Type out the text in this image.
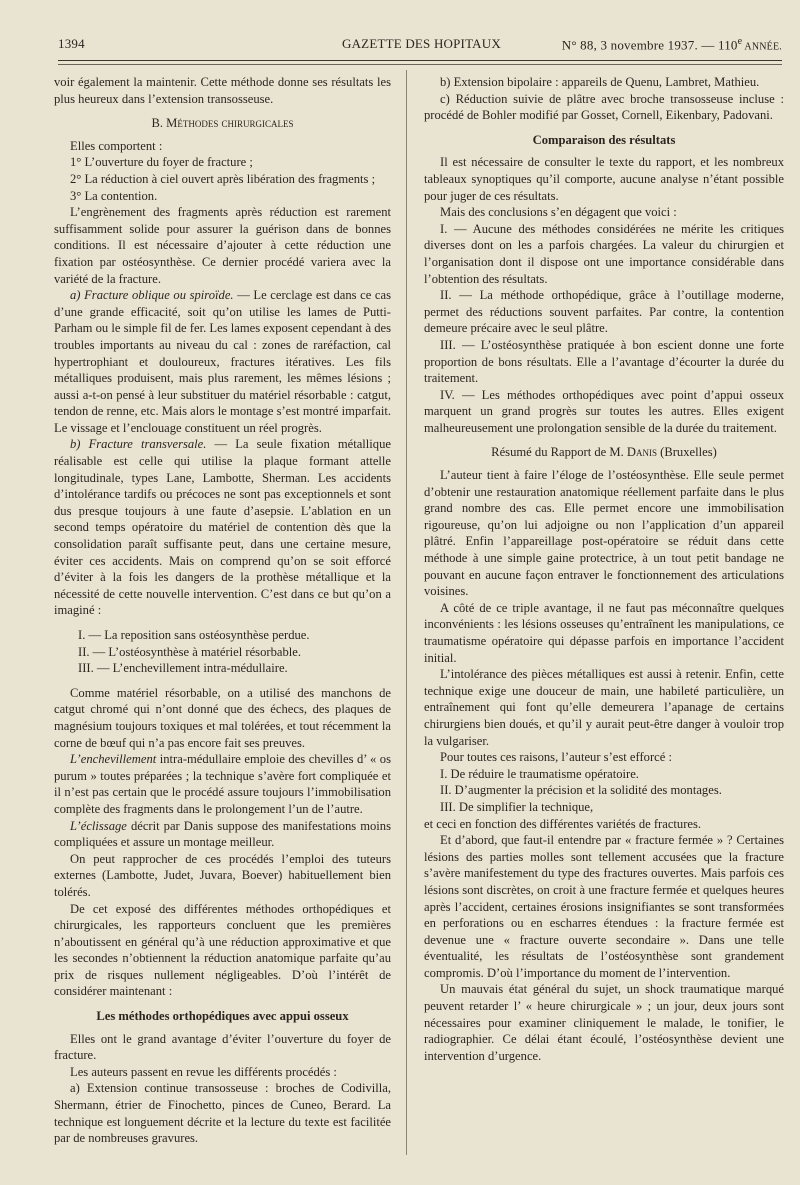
1394	GAZETTE DES HOPITAUX	N° 88, 3 novembre 1937. — 110e ANNÉE.

voir également la maintenir. Cette méthode donne ses résultats les plus heureux dans l’extension transosseuse.

B. Méthodes chirurgicales

Elles comportent :

1° L’ouverture du foyer de fracture ;

2° La réduction à ciel ouvert après libération des fragments ;

3° La contention.

L’engrènement des fragments après réduction est rarement suffisamment solide pour assurer la guérison dans de bonnes conditions. Il est nécessaire d’ajouter à cette réduction une fixation par ostéosynthèse. Ce dernier procédé variera avec la variété de la fracture.

a) Fracture oblique ou spiroïde. — Le cerclage est dans ce cas d’une grande efficacité, soit qu’on utilise les lames de Putti-Parham ou le simple fil de fer. Les lames exposent cependant à des troubles importants au niveau du cal : zones de raréfaction, cal hypertrophiant et douloureux, fractures itératives. Les fils métalliques produisent, mais plus rarement, les mêmes lésions ; aussi a-t-on pensé à leur substituer du matériel résorbable : catgut, tendon de renne, etc. Mais alors le montage s’est montré imparfait. Le vissage et l’enclouage constituent un réel progrès.

b) Fracture transversale. — La seule fixation métallique réalisable est celle qui utilise la plaque formant attelle longitudinale, types Lane, Lambotte, Sherman. Les accidents d’intolérance tardifs ou précoces ne sont pas exceptionnels et sont dus presque toujours à une faute d’asepsie. L’ablation en un second temps opératoire du matériel de contention dès que la consolidation paraît suffisante peut, dans une certaine mesure, éviter ces accidents. Mais on comprend qu’on se soit efforcé d’éviter à la fois les dangers de la prothèse métallique et la nécessité de cette nouvelle intervention. C’est dans ce but qu’on a imaginé :

I. — La reposition sans ostéosynthèse perdue.

II. — L’ostéosynthèse à matériel résorbable.

III. — L’enchevillement intra-médullaire.

Comme matériel résorbable, on a utilisé des manchons de catgut chromé qui n’ont donné que des échecs, des plaques de magnésium toujours toxiques et mal tolérées, et tout récemment la corne de bœuf qui n’a pas encore fait ses preuves.

L’enchevillement intra-médullaire emploie des chevilles d’ « os purum » toutes préparées ; la technique s’avère fort compliquée et il n’est pas certain que le procédé assure toujours l’immobilisation complète des fragments dans le prolongement l’un de l’autre.

L’éclissage décrit par Danis suppose des manifestations moins compliquées et assure un montage meilleur.

On peut rapprocher de ces procédés l’emploi des tuteurs externes (Lambotte, Judet, Juvara, Boever) habituellement bien tolérés.

De cet exposé des différentes méthodes orthopédiques et chirurgicales, les rapporteurs concluent que les premières n’aboutissent en général qu’à une réduction approximative et que les secondes n’obtiennent la réduction anatomique parfaite qu’au prix de risques nullement négligeables. D’où l’intérêt de considérer maintenant :

Les méthodes orthopédiques avec appui osseux

Elles ont le grand avantage d’éviter l’ouverture du foyer de fracture.

Les auteurs passent en revue les différents procédés :

a) Extension continue transosseuse : broches de Codivilla, Shermann, étrier de Finochetto, pinces de Cuneo, Berard. La technique est longuement décrite et la lecture du texte est facilitée par de nombreuses gravures.

b) Extension bipolaire : appareils de Quenu, Lambret, Mathieu.

c) Réduction suivie de plâtre avec broche transosseuse incluse : procédé de Bohler modifié par Gosset, Cornell, Eikenbary, Padovani.

Comparaison des résultats

Il est nécessaire de consulter le texte du rapport, et les nombreux tableaux synoptiques qu’il comporte, aucune analyse n’étant possible pour juger de ces résultats.

Mais des conclusions s’en dégagent que voici :

I. — Aucune des méthodes considérées ne mérite les critiques diverses dont on les a parfois chargées. La valeur du chirurgien et l’organisation dont il dispose ont une importance considérable dans l’obtention des résultats.

II. — La méthode orthopédique, grâce à l’outillage moderne, permet des réductions souvent parfaites. Par contre, la contention demeure précaire avec le seul plâtre.

III. — L’ostéosynthèse pratiquée à bon escient donne une forte proportion de bons résultats. Elle a l’avantage d’écourter la durée du traitement.

IV. — Les méthodes orthopédiques avec point d’appui osseux marquent un grand progrès sur toutes les autres. Elles exigent malheureusement une prolongation sensible de la durée du traitement.

Résumé du Rapport de M. Danis (Bruxelles)

L’auteur tient à faire l’éloge de l’ostéosynthèse. Elle seule permet d’obtenir une restauration anatomique réellement parfaite dans le plus grand nombre des cas. Elle permet encore une immobilisation rigoureuse, qu’on lui adjoigne ou non l’application d’un appareil plâtré. Enfin l’appareillage post-opératoire se réduit dans cette méthode à une simple gaine protectrice, à un tout petit bandage ne pouvant en aucune façon entraver le fonctionnement des articulations voisines.

A côté de ce triple avantage, il ne faut pas méconnaître quelques inconvénients : les lésions osseuses qu’entraînent les manipulations, ce traumatisme opératoire qui dépasse parfois en importance l’accident initial.

L’intolérance des pièces métalliques est aussi à retenir. Enfin, cette technique exige une douceur de main, une habileté particulière, un entraînement qui font qu’elle demeurera l’apanage de certains chirurgiens bien doués, et qu’il y aurait peut-être danger à vouloir trop la vulgariser.

Pour toutes ces raisons, l’auteur s’est efforcé :

I. De réduire le traumatisme opératoire.

II. D’augmenter la précision et la solidité des montages.

III. De simplifier la technique,

et ceci en fonction des différentes variétés de fractures.

Et d’abord, que faut-il entendre par « fracture fermée » ? Certaines lésions des parties molles sont tellement accusées que la fracture s’avère manifestement du type des fractures ouvertes. Mais parfois ces lésions sont discrètes, on croit à une fracture fermée et quelques heures après l’accident, certaines érosions insignifiantes se sont transformées en perforations ou en escharres étendues : la fracture fermée est devenue une « fracture ouverte secondaire ». Dans une telle éventualité, les résultats de l’ostéosynthèse sont grandement compromis. D’où l’importance du moment de l’intervention.

Un mauvais état général du sujet, un shock traumatique marqué peuvent retarder l’ « heure chirurgicale » ; un jour, deux jours sont nécessaires pour examiner cliniquement le malade, le tonifier, le radiographier. Ce délai étant écoulé, l’ostéosynthèse devient une intervention d’urgence.
